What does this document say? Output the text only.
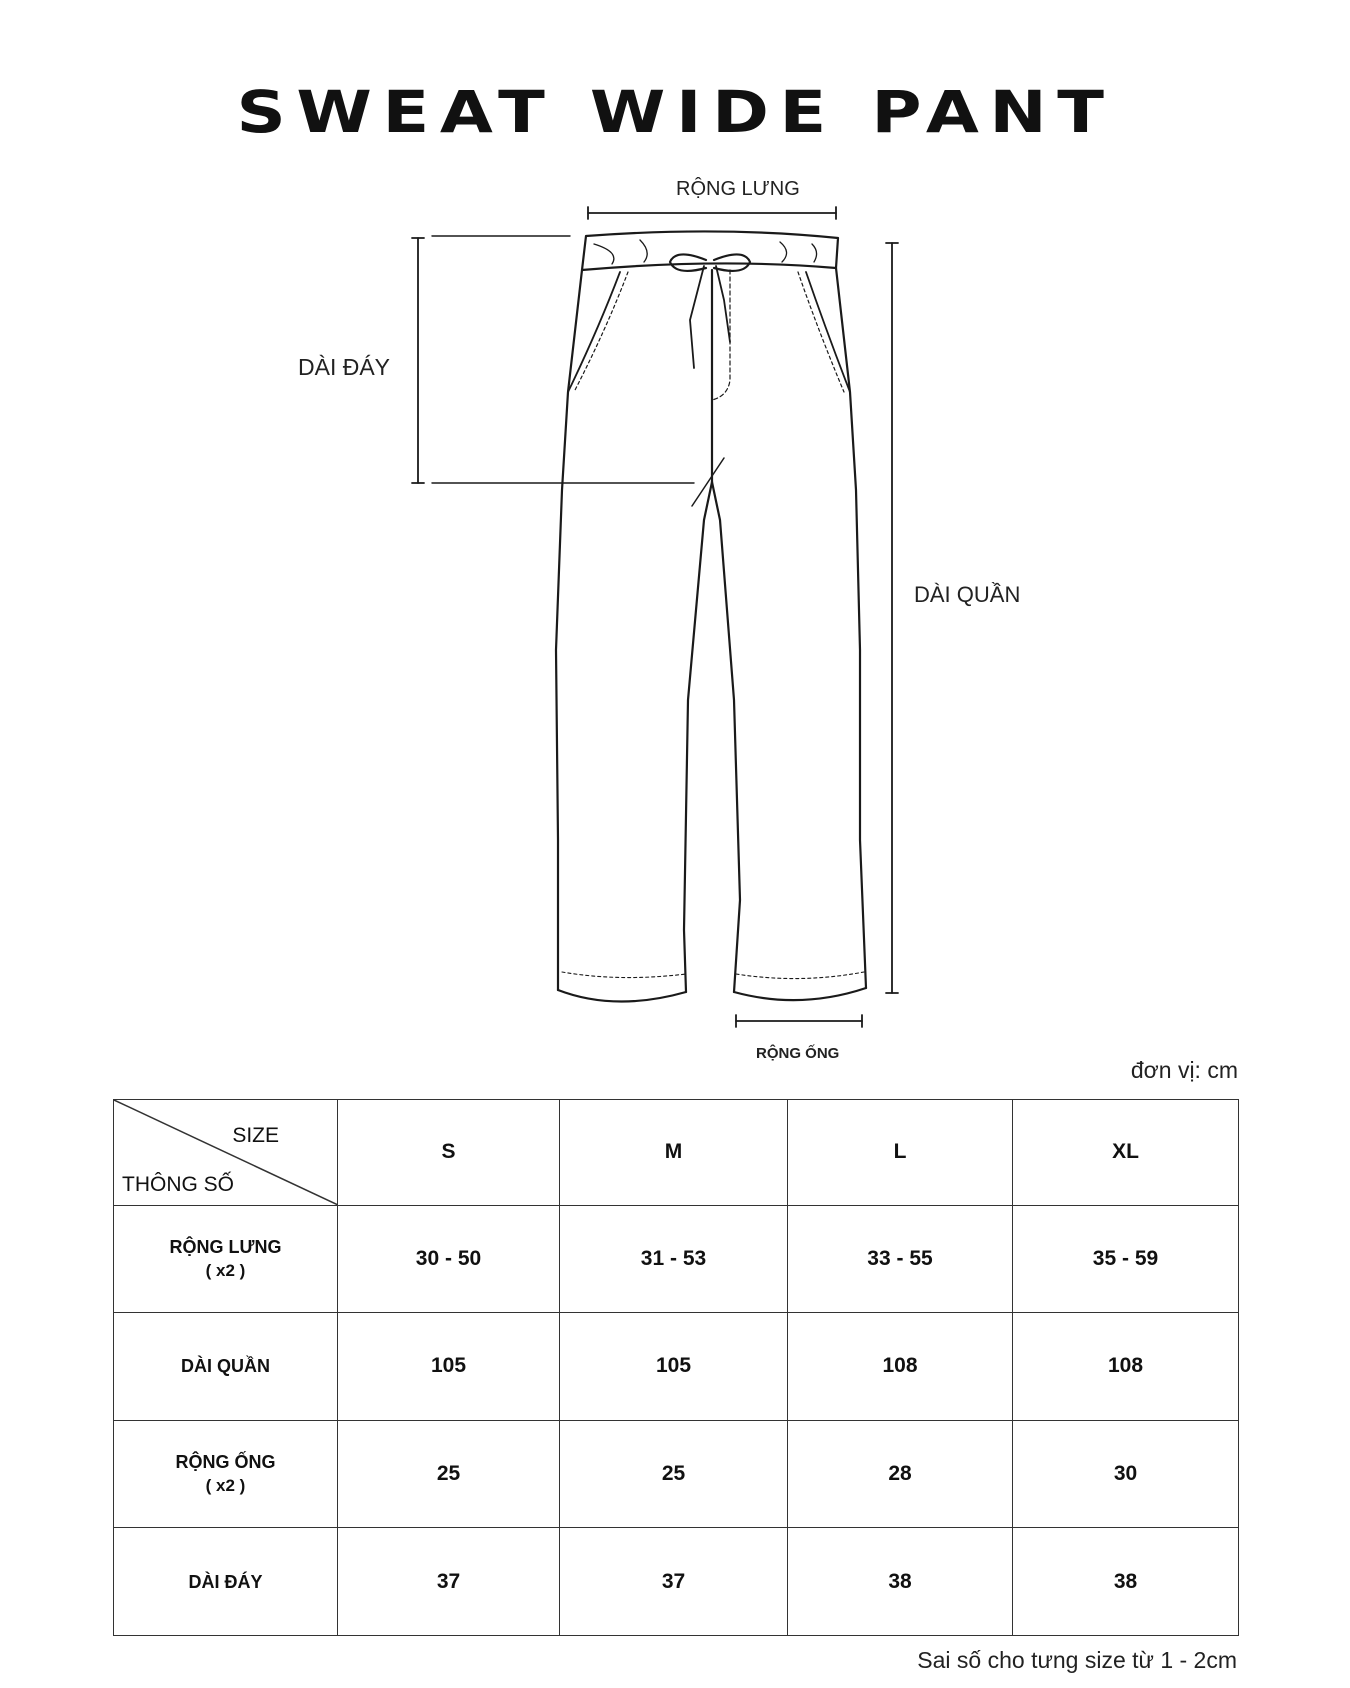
SWEAT WIDE PANT
RỘNG LƯNG
DÀI ĐÁY
DÀI QUẦN
RỘNG ỐNG
đơn vị: cm
SIZE
THÔNG SỐ	S	M	L	XL

RỘNG LƯNG
( x2 )	30 - 50	31 - 53	33 - 55	35 - 59

DÀI QUẦN	105	105	108	108

RỘNG ỐNG
( x2 )	25	25	28	30

DÀI ĐÁY	37	37	38	38
Sai số cho tưng size từ 1 - 2cm
